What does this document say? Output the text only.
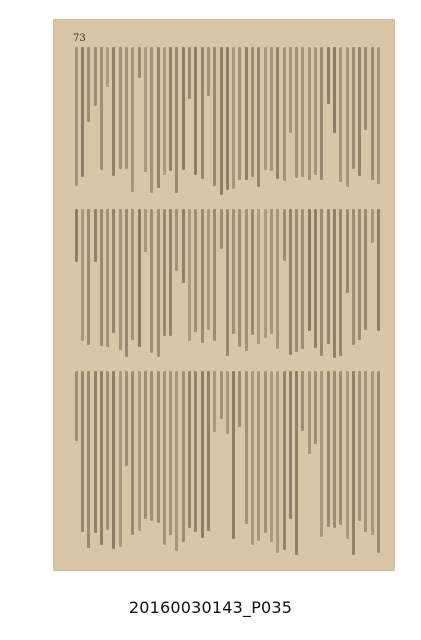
73
20160030143_P035
